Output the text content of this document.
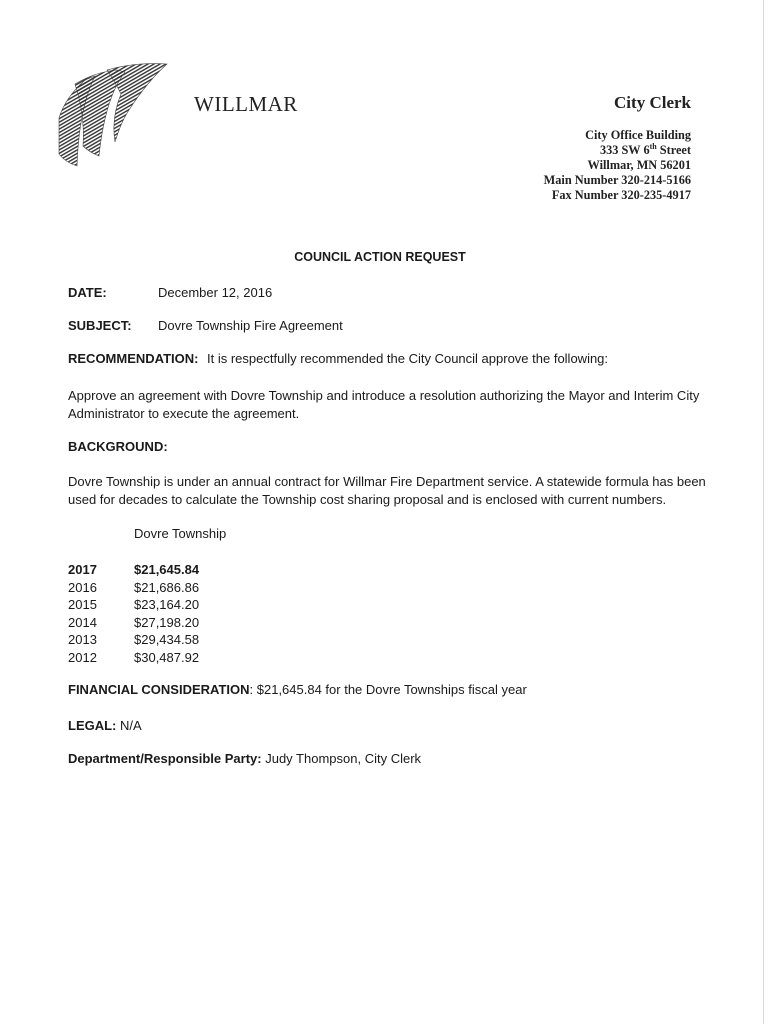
WILLMAR	City Clerk
City Office Building
333 SW 6th Street
Willmar, MN 56201
Main Number 320-214-5166
Fax Number 320-235-4917
COUNCIL ACTION REQUEST
DATE:	December 12, 2016
SUBJECT: Dovre Township Fire Agreement
RECOMMENDATION: It is respectfully recommended the City Council approve the following:
Approve an agreement with Dovre Township and introduce a resolution authorizing the Mayor and Interim City Administrator to execute the agreement.
BACKGROUND:
Dovre Township is under an annual contract for Willmar Fire Department service. A statewide formula has been used for decades to calculate the Township cost sharing proposal and is enclosed with current numbers.
Dovre Township
2017	$21,645.84
2016	$21,686.86
2015	$23,164.20
2014	$27,198.20
2013	$29,434.58
2012	$30,487.92
FINANCIAL CONSIDERATION: $21,645.84 for the Dovre Townships fiscal year
LEGAL: N/A
Department/Responsible Party: Judy Thompson, City Clerk
